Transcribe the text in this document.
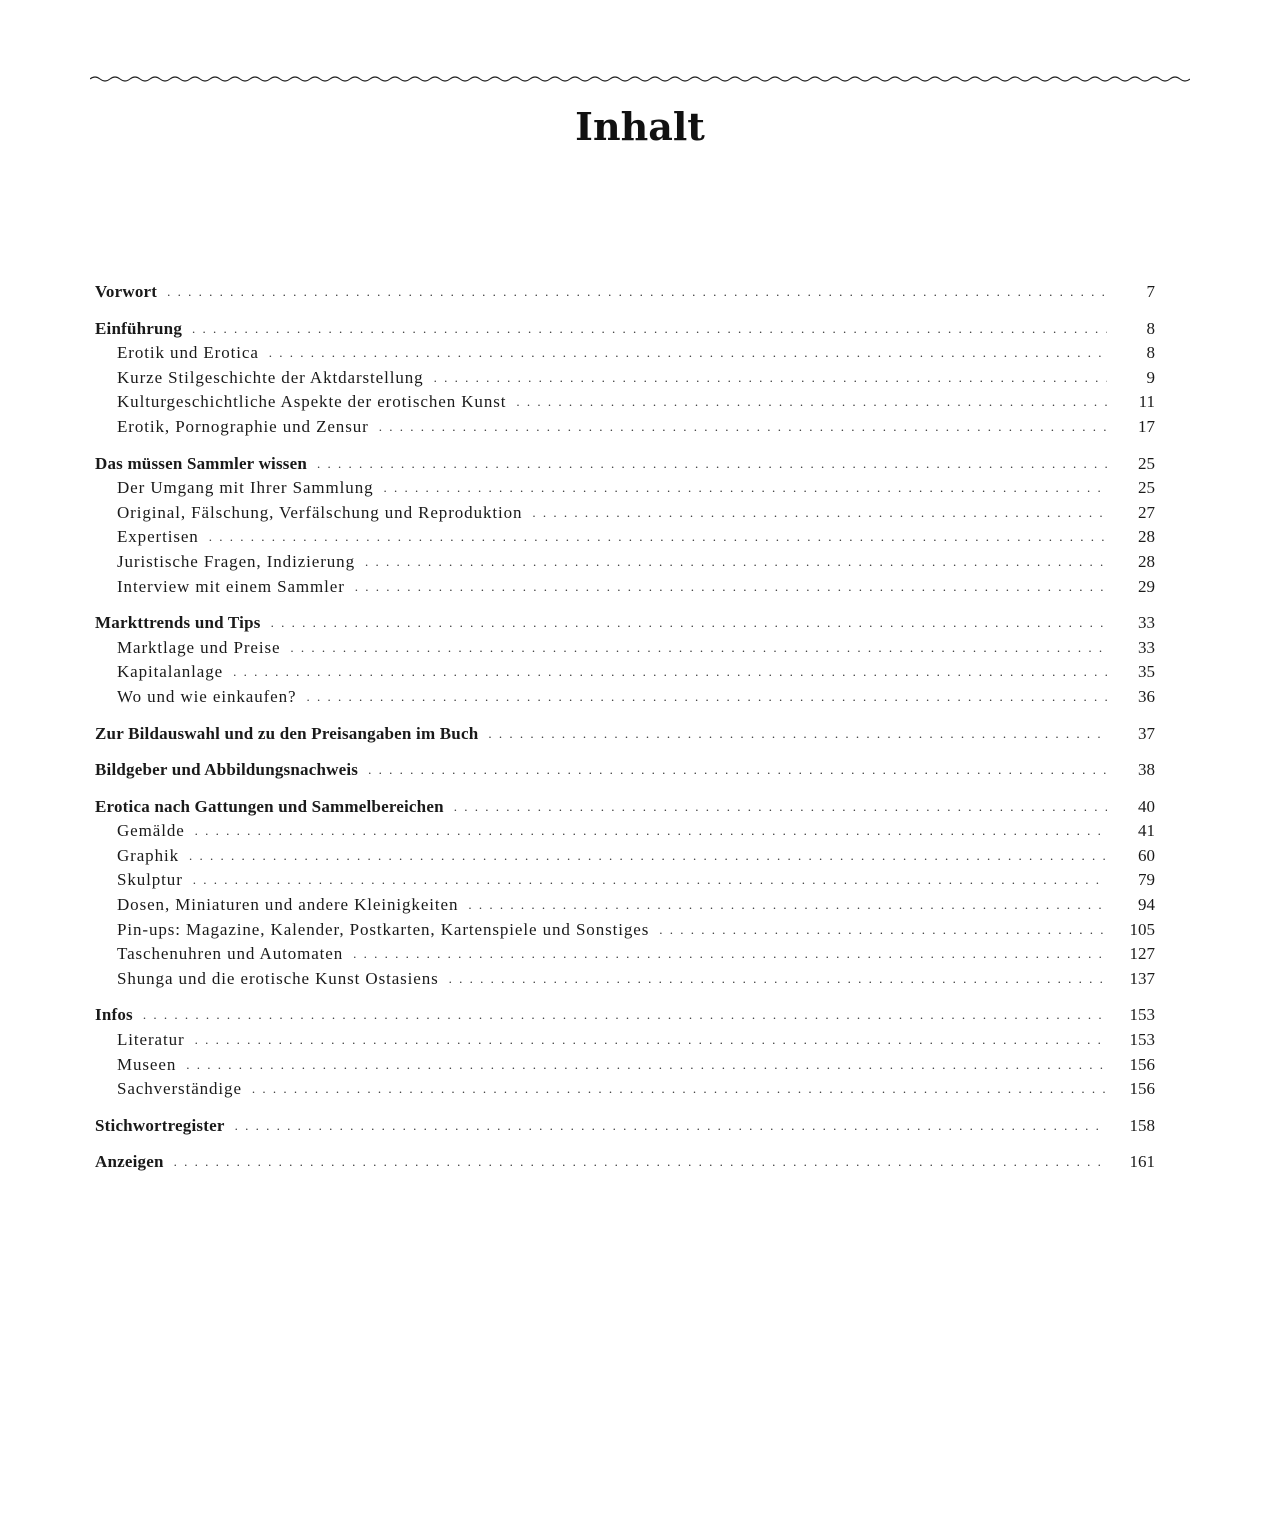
Inhalt
Vorwort . . .	7
Einführung . . .	8
Erotik und Erotica . . .	8
Kurze Stilgeschichte der Aktdarstellung . . .	9
Kulturgeschichtliche Aspekte der erotischen Kunst . . .	11
Erotik, Pornographie und Zensur . . .	17
Das müssen Sammler wissen . . .	25
Der Umgang mit Ihrer Sammlung . . .	25
Original, Fälschung, Verfälschung und Reproduktion . . .	27
Expertisen . . .	28
Juristische Fragen, Indizierung . . .	28
Interview mit einem Sammler . . .	29
Markttrends und Tips . . .	33
Marktlage und Preise . . .	33
Kapitalanlage . . .	35
Wo und wie einkaufen? . . .	36
Zur Bildauswahl und zu den Preisangaben im Buch . . .	37
Bildgeber und Abbildungsnachweis . . .	38
Erotica nach Gattungen und Sammelbereichen . . .	40
Gemälde . . .	41
Graphik . . .	60
Skulptur . . .	79
Dosen, Miniaturen und andere Kleinigkeiten . . .	94
Pin-ups: Magazine, Kalender, Postkarten, Kartenspiele und Sonstiges . . .	105
Taschenuhren und Automaten . . .	127
Shunga und die erotische Kunst Ostasiens . . .	137
Infos . . .	153
Literatur . . .	153
Museen . . .	156
Sachverständige . . .	156
Stichwortregister . . .	158
Anzeigen . . .	161
